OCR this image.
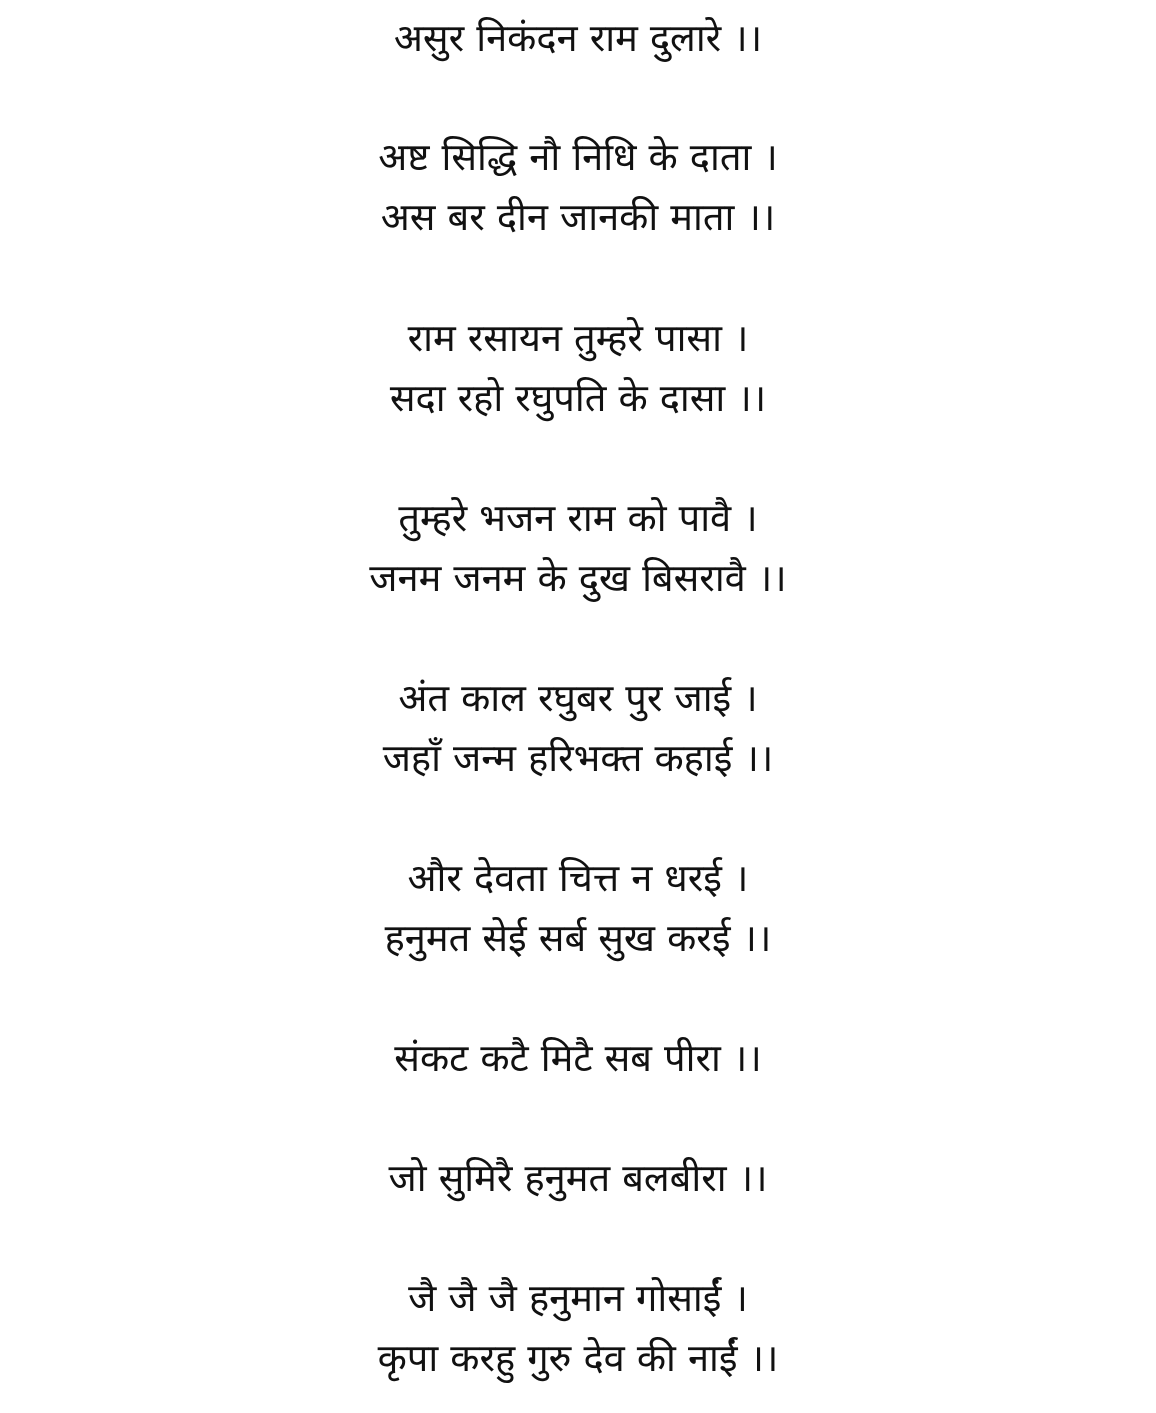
असुर निकंदन राम दुलारे ।।
अष्ट सिद्धि नौ निधि के दाता ।
अस बर दीन जानकी माता ।।
राम रसायन तुम्हरे पासा ।
सदा रहो रघुपति के दासा ।।
तुम्हरे भजन राम को पावै ।
जनम जनम के दुख बिसरावै ।।
अंत काल रघुबर पुर जाई ।
जहाँ जन्म हरिभक्त कहाई ।।
और देवता चित्त न धरई ।
हनुमत सेई सर्ब सुख करई ।।
संकट कटै मिटै सब पीरा ।।
जो सुमिरै हनुमत बलबीरा ।।
जै जै जै हनुमान गोसाईं ।
कृपा करहु गुरु देव की नाईं ।।
